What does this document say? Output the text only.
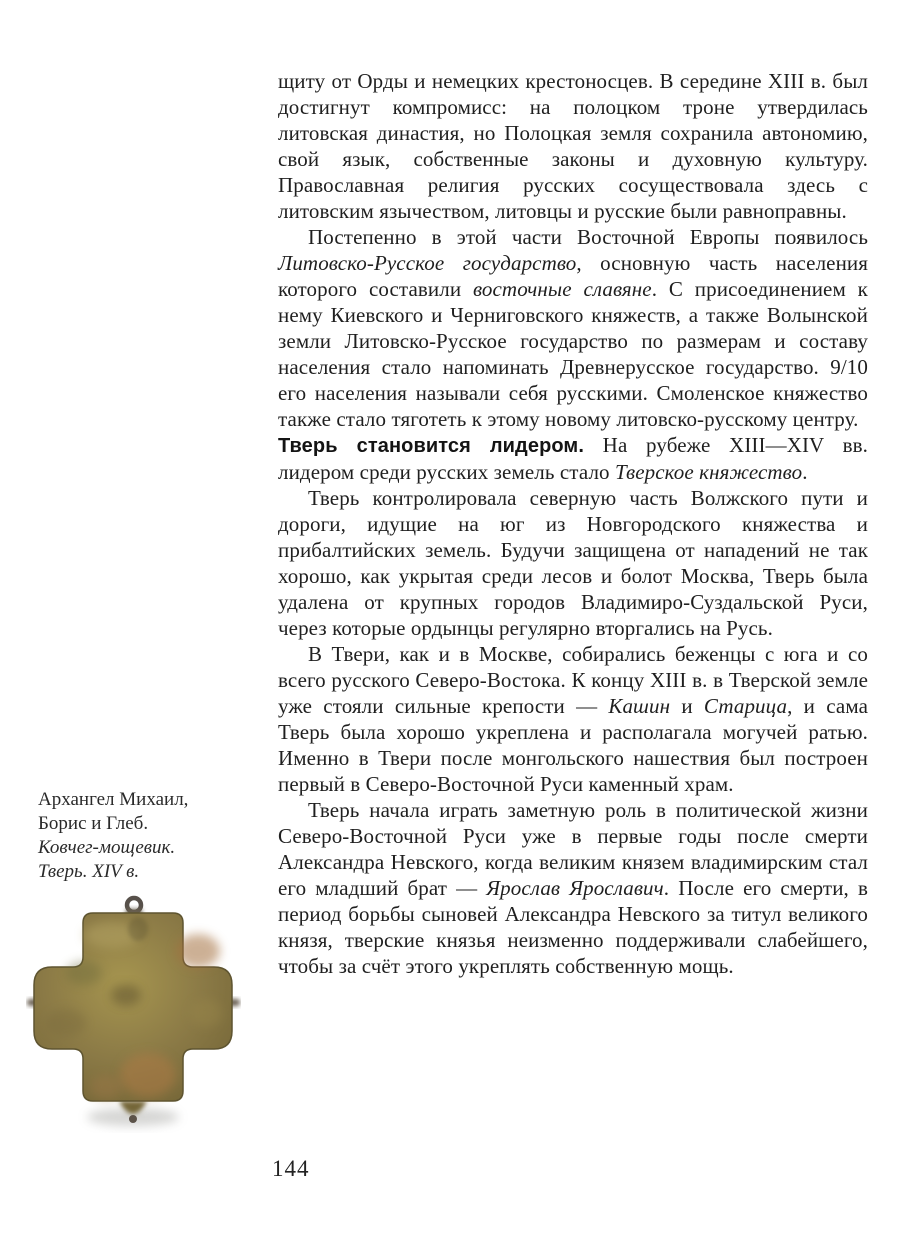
Архангел Михаил,
Борис и Глеб.
Ковчег-мощевик.
Тверь. XIV в.

щиту от Орды и немецких крестоносцев. В середине XIII в. был достигнут компромисс: на полоцком троне утвердилась литовская династия, но Полоцкая земля сохранила автономию, свой язык, собственные законы и духовную культуру. Православная религия русских сосуществовала здесь с литовским язычеством, литовцы и русские были равноправны.

Постепенно в этой части Восточной Европы появилось Литовско-Русское государство, основную часть населения которого составили восточные славяне. С присоединением к нему Киевского и Черниговского княжеств, а также Волынской земли Литовско-Русское государство по размерам и составу населения стало напоминать Древнерусское государство. 9/10 его населения называли себя русскими. Смоленское княжество также стало тяготеть к этому новому литовско-русскому центру.

Тверь становится лидером. На рубеже XIII—XIV вв. лидером среди русских земель стало Тверское княжество.

Тверь контролировала северную часть Волжского пути и дороги, идущие на юг из Новгородского княжества и прибалтийских земель. Будучи защищена от нападений не так хорошо, как укрытая среди лесов и болот Москва, Тверь была удалена от крупных городов Владимиро-Суздальской Руси, через которые ордынцы регулярно вторгались на Русь.

В Твери, как и в Москве, собирались беженцы с юга и со всего русского Северо-Востока. К концу XIII в. в Тверской земле уже стояли сильные крепости — Кашин и Старица, и сама Тверь была хорошо укреплена и располагала могучей ратью. Именно в Твери после монгольского нашествия был построен первый в Северо-Восточной Руси каменный храм.

Тверь начала играть заметную роль в политической жизни Северо-Восточной Руси уже в первые годы после смерти Александра Невского, когда великим князем владимирским стал его младший брат — Ярослав Ярославич. После его смерти, в период борьбы сыновей Александра Невского за титул великого князя, тверские князья неизменно поддерживали слабейшего, чтобы за счёт этого укреплять собственную мощь.

144
